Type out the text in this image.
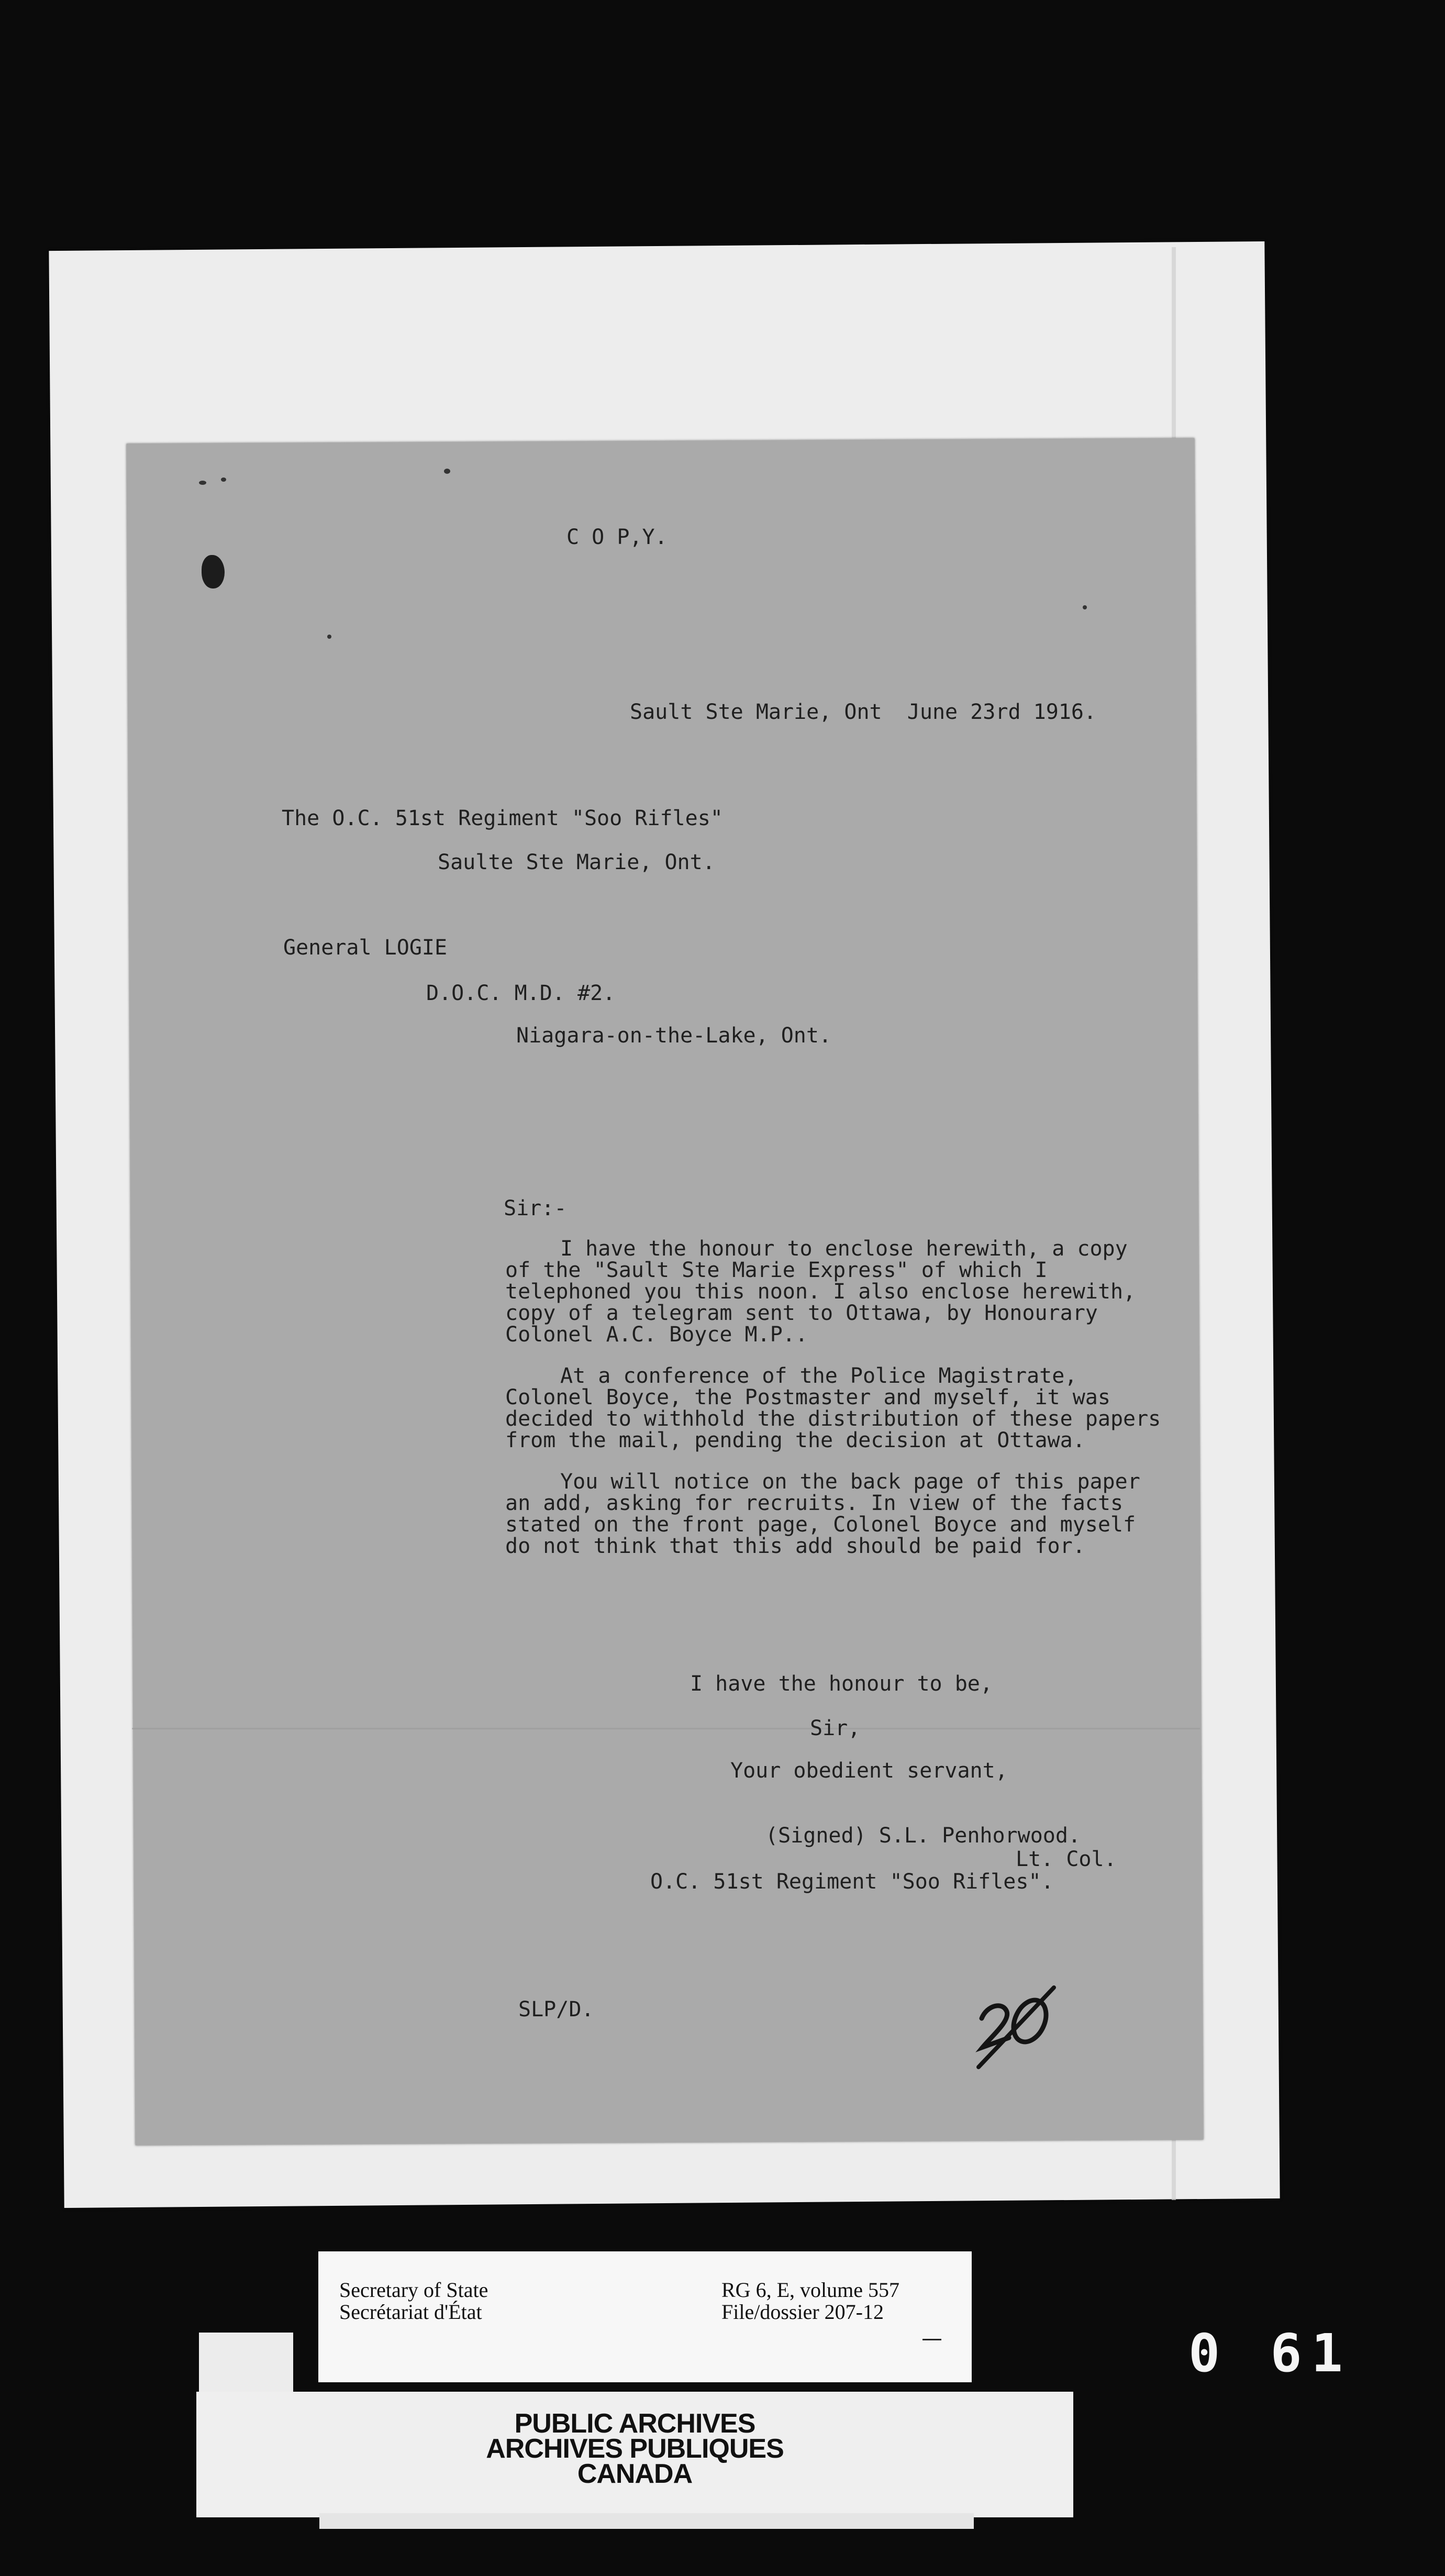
C O P,Y.
Sault Ste Marie, Ont  June 23rd 1916.
The O.C. 51st Regiment "Soo Rifles"
Saulte Ste Marie, Ont.
General LOGIE
D.O.C. M.D. #2.
Niagara-on-the-Lake, Ont.
Sir:-

I have the honour to enclose herewith, a copy of the "Sault Ste Marie Express" of which I telephoned you this noon. I also enclose herewith, copy of a telegram sent to Ottawa, by Honourary Colonel A.C. Boyce M.P..

At a conference of the Police Magistrate, Colonel Boyce, the Postmaster and myself, it was decided to withhold the distribution of these papers from the mail, pending the decision at Ottawa.

You will notice on the back page of this paper an add, asking for recruits. In view of the facts stated on the front page, Colonel Boyce and myself do not think that this add should be paid for.

I have the honour to be,
Sir,
Your obedient servant,
(Signed) S.L. Penhorwood.
Lt. Col.
O.C. 51st Regiment "Soo Rifles".
SLP/D.
20
Secretary of State
Secrétariat d'État
RG 6, E, volume 557
File/dossier 207-12
PUBLIC ARCHIVES
ARCHIVES PUBLIQUES
CANADA
0 61
